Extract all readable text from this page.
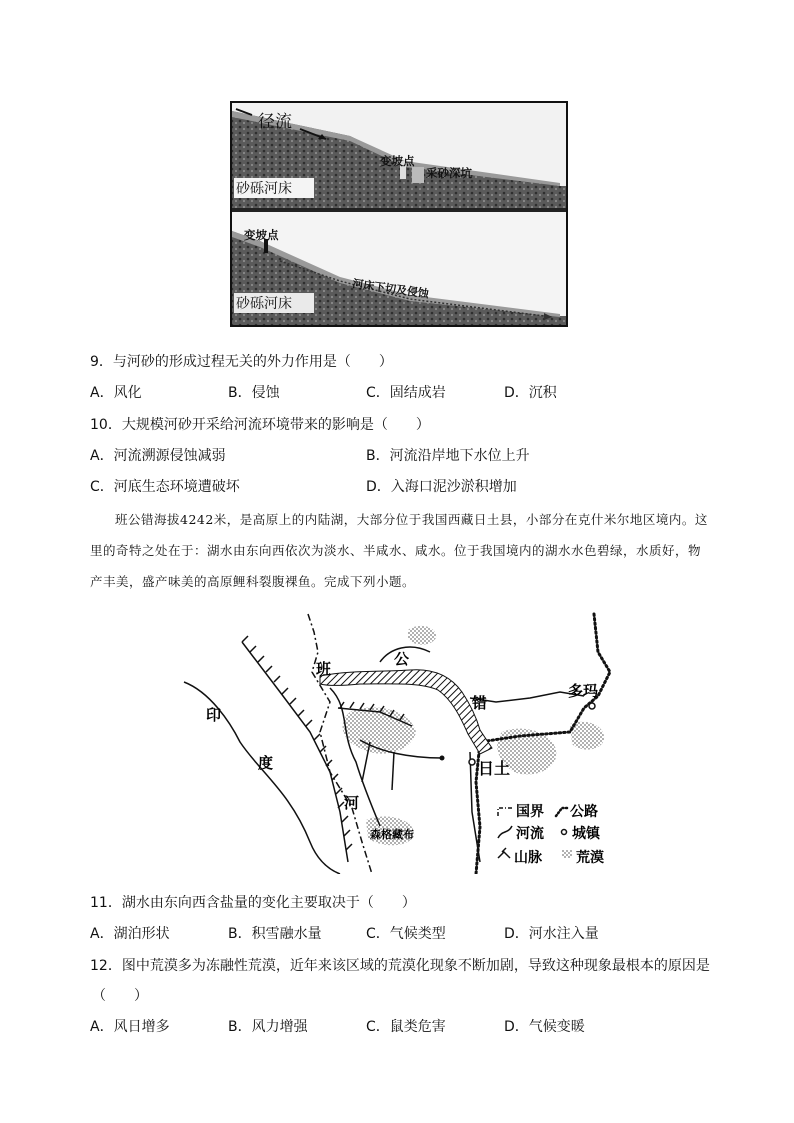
径流
变坡点
采砂深坑
砂砾河床
变坡点
河床下切及侵蚀
砂砾河床
9．与河砂的形成过程无关的外力作用是（　　）
A．风化	B．侵蚀	C．固结成岩	D．沉积
10．大规模河砂开采给河流环境带来的影响是（　　）
A．河流溯源侵蚀减弱	B．河流沿岸地下水位上升
C．河底生态环境遭破坏	D．入海口泥沙淤积增加
班公错海拔4242米，是高原上的内陆湖，大部分位于我国西藏日土县，小部分在克什米尔地区境内。这里的奇特之处在于：湖水由东向西依次为淡水、半咸水、咸水。位于我国境内的湖水水色碧绿，水质好，物产丰美，盛产味美的高原鲤科裂腹裸鱼。完成下列小题。
班
公
错
印
度
河
多玛
日土
森格藏布
国界 公路
河流 城镇
山脉 荒漠
11．湖水由东向西含盐量的变化主要取决于（　　）
A．湖泊形状	B．积雪融水量	C．气候类型	D．河水注入量
12．图中荒漠多为冻融性荒漠，近年来该区域的荒漠化现象不断加剧，导致这种现象最根本的原因是
（　　）
A．风日增多	B．风力增强	C．鼠类危害	D．气候变暖
